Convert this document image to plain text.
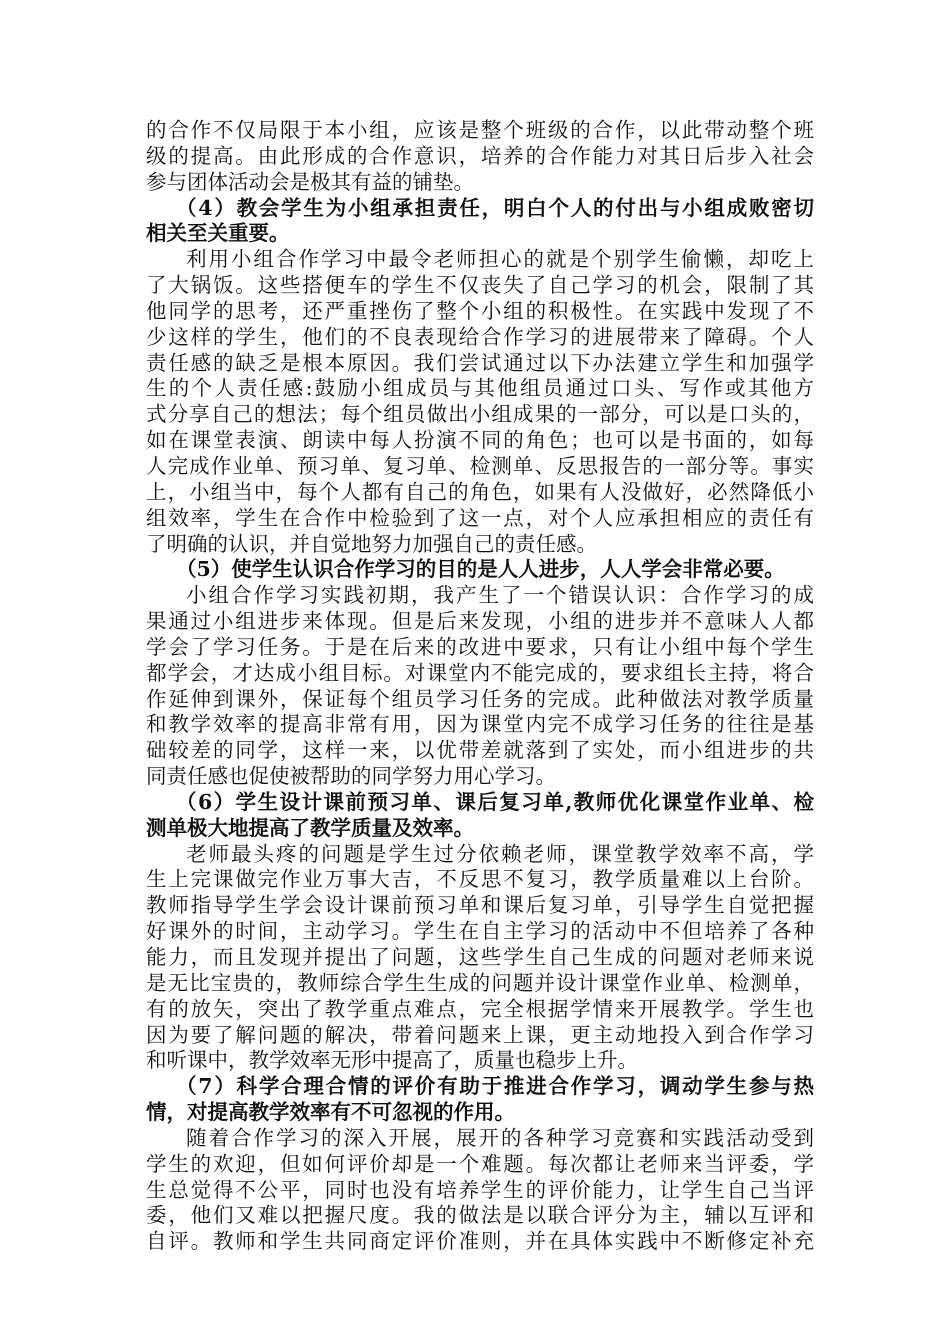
的合作不仅局限于本小组，应该是整个班级的合作，以此带动整个班
级的提高。由此形成的合作意识，培养的合作能力对其日后步入社会
参与团体活动会是极其有益的铺垫。
（4）教会学生为小组承担责任，明白个人的付出与小组成败密切
相关至关重要。
利用小组合作学习中最令老师担心的就是个别学生偷懒，却吃上
了大锅饭。这些搭便车的学生不仅丧失了自己学习的机会，限制了其
他同学的思考，还严重挫伤了整个小组的积极性。在实践中发现了不
少这样的学生，他们的不良表现给合作学习的进展带来了障碍。个人
责任感的缺乏是根本原因。我们尝试通过以下办法建立学生和加强学
生的个人责任感:鼓励小组成员与其他组员通过口头、写作或其他方
式分享自己的想法；每个组员做出小组成果的一部分，可以是口头的，
如在课堂表演、朗读中每人扮演不同的角色；也可以是书面的，如每
人完成作业单、预习单、复习单、检测单、反思报告的一部分等。事实
上，小组当中，每个人都有自己的角色，如果有人没做好，必然降低小
组效率，学生在合作中检验到了这一点，对个人应承担相应的责任有
了明确的认识，并自觉地努力加强自己的责任感。
（5）使学生认识合作学习的目的是人人进步，人人学会非常必要。
小组合作学习实践初期，我产生了一个错误认识：合作学习的成
果通过小组进步来体现。但是后来发现，小组的进步并不意味人人都
学会了学习任务。于是在后来的改进中要求，只有让小组中每个学生
都学会，才达成小组目标。对课堂内不能完成的，要求组长主持，将合
作延伸到课外，保证每个组员学习任务的完成。此种做法对教学质量
和教学效率的提高非常有用，因为课堂内完不成学习任务的往往是基
础较差的同学，这样一来，以优带差就落到了实处，而小组进步的共
同责任感也促使被帮助的同学努力用心学习。
（6）学生设计课前预习单、课后复习单,教师优化课堂作业单、检
测单极大地提高了教学质量及效率。
老师最头疼的问题是学生过分依赖老师，课堂教学效率不高，学
生上完课做完作业万事大吉，不反思不复习，教学质量难以上台阶。
教师指导学生学会设计课前预习单和课后复习单，引导学生自觉把握
好课外的时间，主动学习。学生在自主学习的活动中不但培养了各种
能力，而且发现并提出了问题，这些学生自己生成的问题对老师来说
是无比宝贵的，教师综合学生生成的问题并设计课堂作业单、检测单，
有的放矢，突出了教学重点难点，完全根据学情来开展教学。学生也
因为要了解问题的解决，带着问题来上课，更主动地投入到合作学习
和听课中，教学效率无形中提高了，质量也稳步上升。
（7）科学合理合情的评价有助于推进合作学习，调动学生参与热
情，对提高教学效率有不可忽视的作用。
随着合作学习的深入开展，展开的各种学习竞赛和实践活动受到
学生的欢迎，但如何评价却是一个难题。每次都让老师来当评委，学
生总觉得不公平，同时也没有培养学生的评价能力，让学生自己当评
委，他们又难以把握尺度。我的做法是以联合评分为主，辅以互评和
自评。教师和学生共同商定评价准则，并在具体实践中不断修定补充
